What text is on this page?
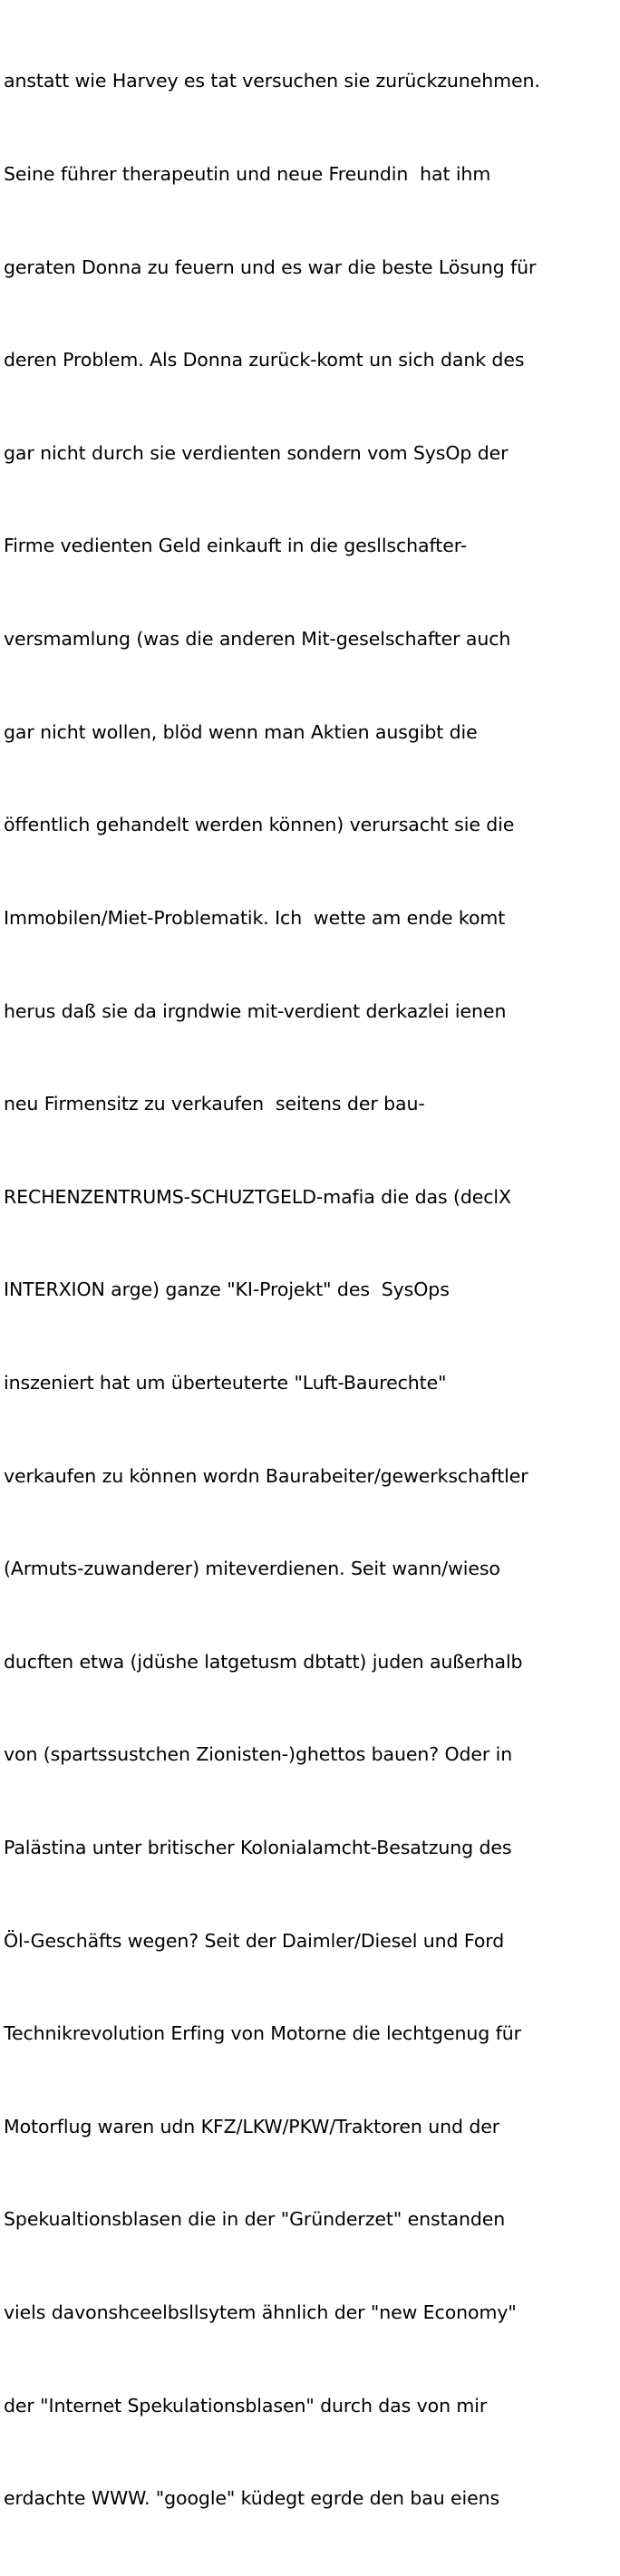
anstatt wie Harvey es tat versuchen sie zurückzunehmen.

Seine führer therapeutin und neue Freundin  hat ihm

geraten Donna zu feuern und es war die beste Lösung für

deren Problem. Als Donna zurück-komt un sich dank des

gar nicht durch sie verdienten sondern vom SysOp der

Firme vedienten Geld einkauft in die gesllschafter-

versmamlung (was die anderen Mit-geselschafter auch

gar nicht wollen, blöd wenn man Aktien ausgibt die

öffentlich gehandelt werden können) verursacht sie die

Immobilen/Miet-Problematik. Ich  wette am ende komt

herus daß sie da irgndwie mit-verdient derkazlei ienen

neu Firmensitz zu verkaufen  seitens der bau-

RECHENZENTRUMS-SCHUZTGELD-mafia die das (declX

INTERXION arge) ganze "KI-Projekt" des  SysOps

inszeniert hat um überteuterte "Luft-Baurechte"

verkaufen zu können wordn Baurabeiter/gewerkschaftler

(Armuts-zuwanderer) miteverdienen. Seit wann/wieso

ducften etwa (jdüshe latgetusm dbtatt) juden außerhalb

von (spartssustchen Zionisten-)ghettos bauen? Oder in

Palästina unter britischer Kolonialamcht-Besatzung des

Öl-Geschäfts wegen? Seit der Daimler/Diesel und Ford

Technikrevolution Erfing von Motorne die lechtgenug für

Motorflug waren udn KFZ/LKW/PKW/Traktoren und der

Spekualtionsblasen die in der "Gründerzet" enstanden

viels davonshceelbsllsytem ähnlich der "new Economy"

der "Internet Spekulationsblasen" durch das von mir

erdachte WWW. "google" küdegt egrde den bau eiens
